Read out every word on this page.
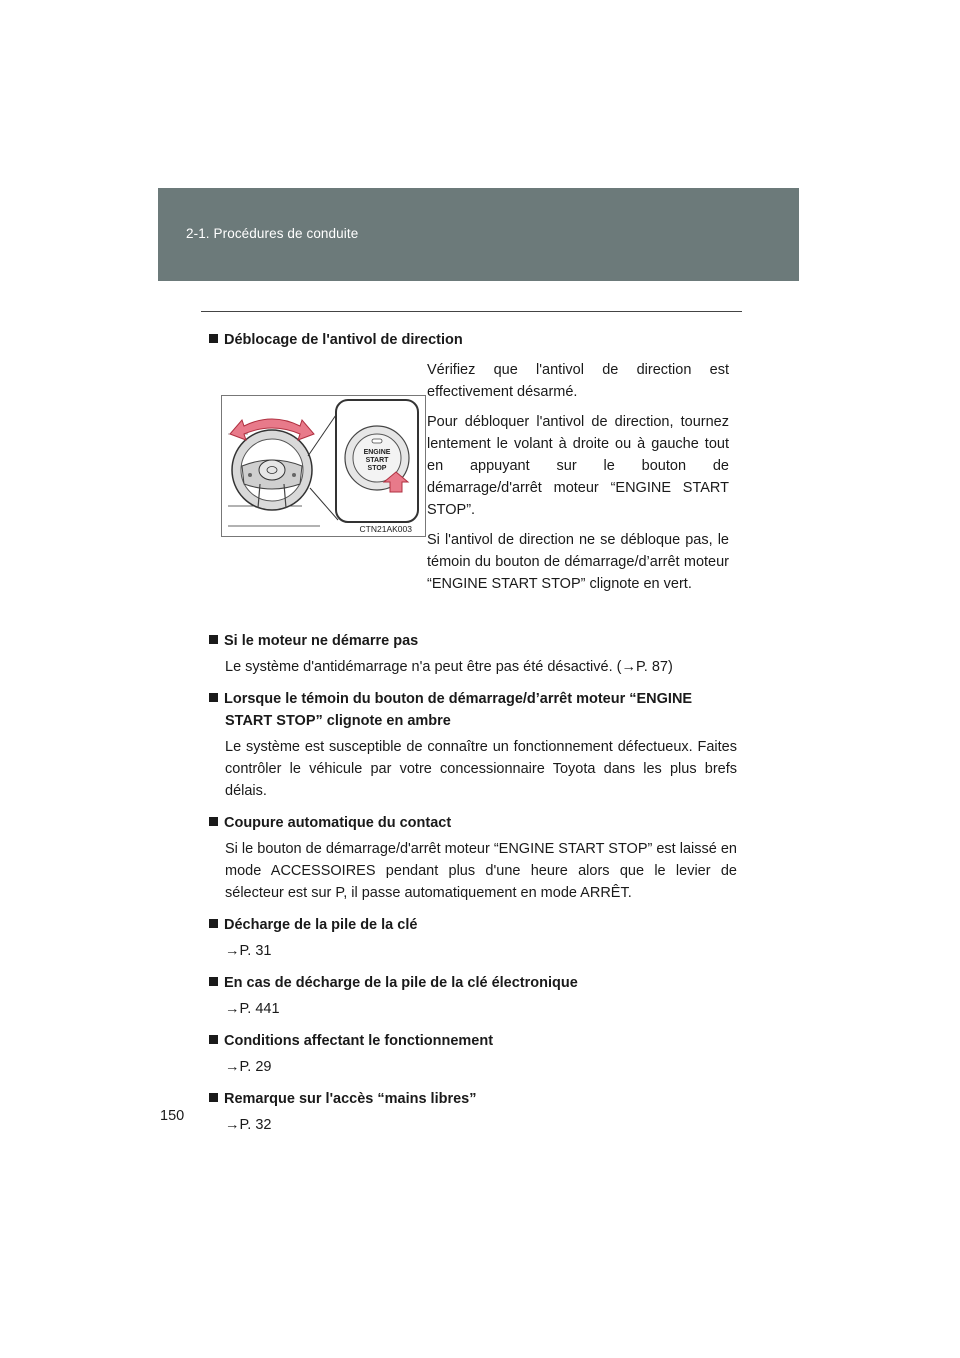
2-1. Procédures de conduite

Déblocage de l'antivol de direction

ENGINE
START
STOP
CTN21AK003

Vérifiez que l'antivol de direction est effectivement désarmé.

Pour débloquer l'antivol de direction, tournez lentement le volant à droite ou à gauche tout en appuyant sur le bouton de démarrage/d'arrêt moteur “ENGINE START STOP”.

Si l'antivol de direction ne se débloque pas, le témoin du bouton de démarrage/d’arrêt moteur “ENGINE START STOP” clignote en vert.

Si le moteur ne démarre pas

Le système d'antidémarrage n'a peut être pas été désactivé. (→P. 87)

Lorsque le témoin du bouton de démarrage/d’arrêt moteur “ENGINE START STOP” clignote en ambre

Le système est susceptible de connaître un fonctionnement défectueux. Faites contrôler le véhicule par votre concessionnaire Toyota dans les plus brefs délais.

Coupure automatique du contact

Si le bouton de démarrage/d'arrêt moteur “ENGINE START STOP” est laissé en mode ACCESSOIRES pendant plus d'une heure alors que le levier de sélecteur est sur P, il passe automatiquement en mode ARRÊT.

Décharge de la pile de la clé

→P. 31

En cas de décharge de la pile de la clé électronique

→P. 441

Conditions affectant le fonctionnement

→P. 29

Remarque sur l'accès “mains libres”

→P. 32

150
